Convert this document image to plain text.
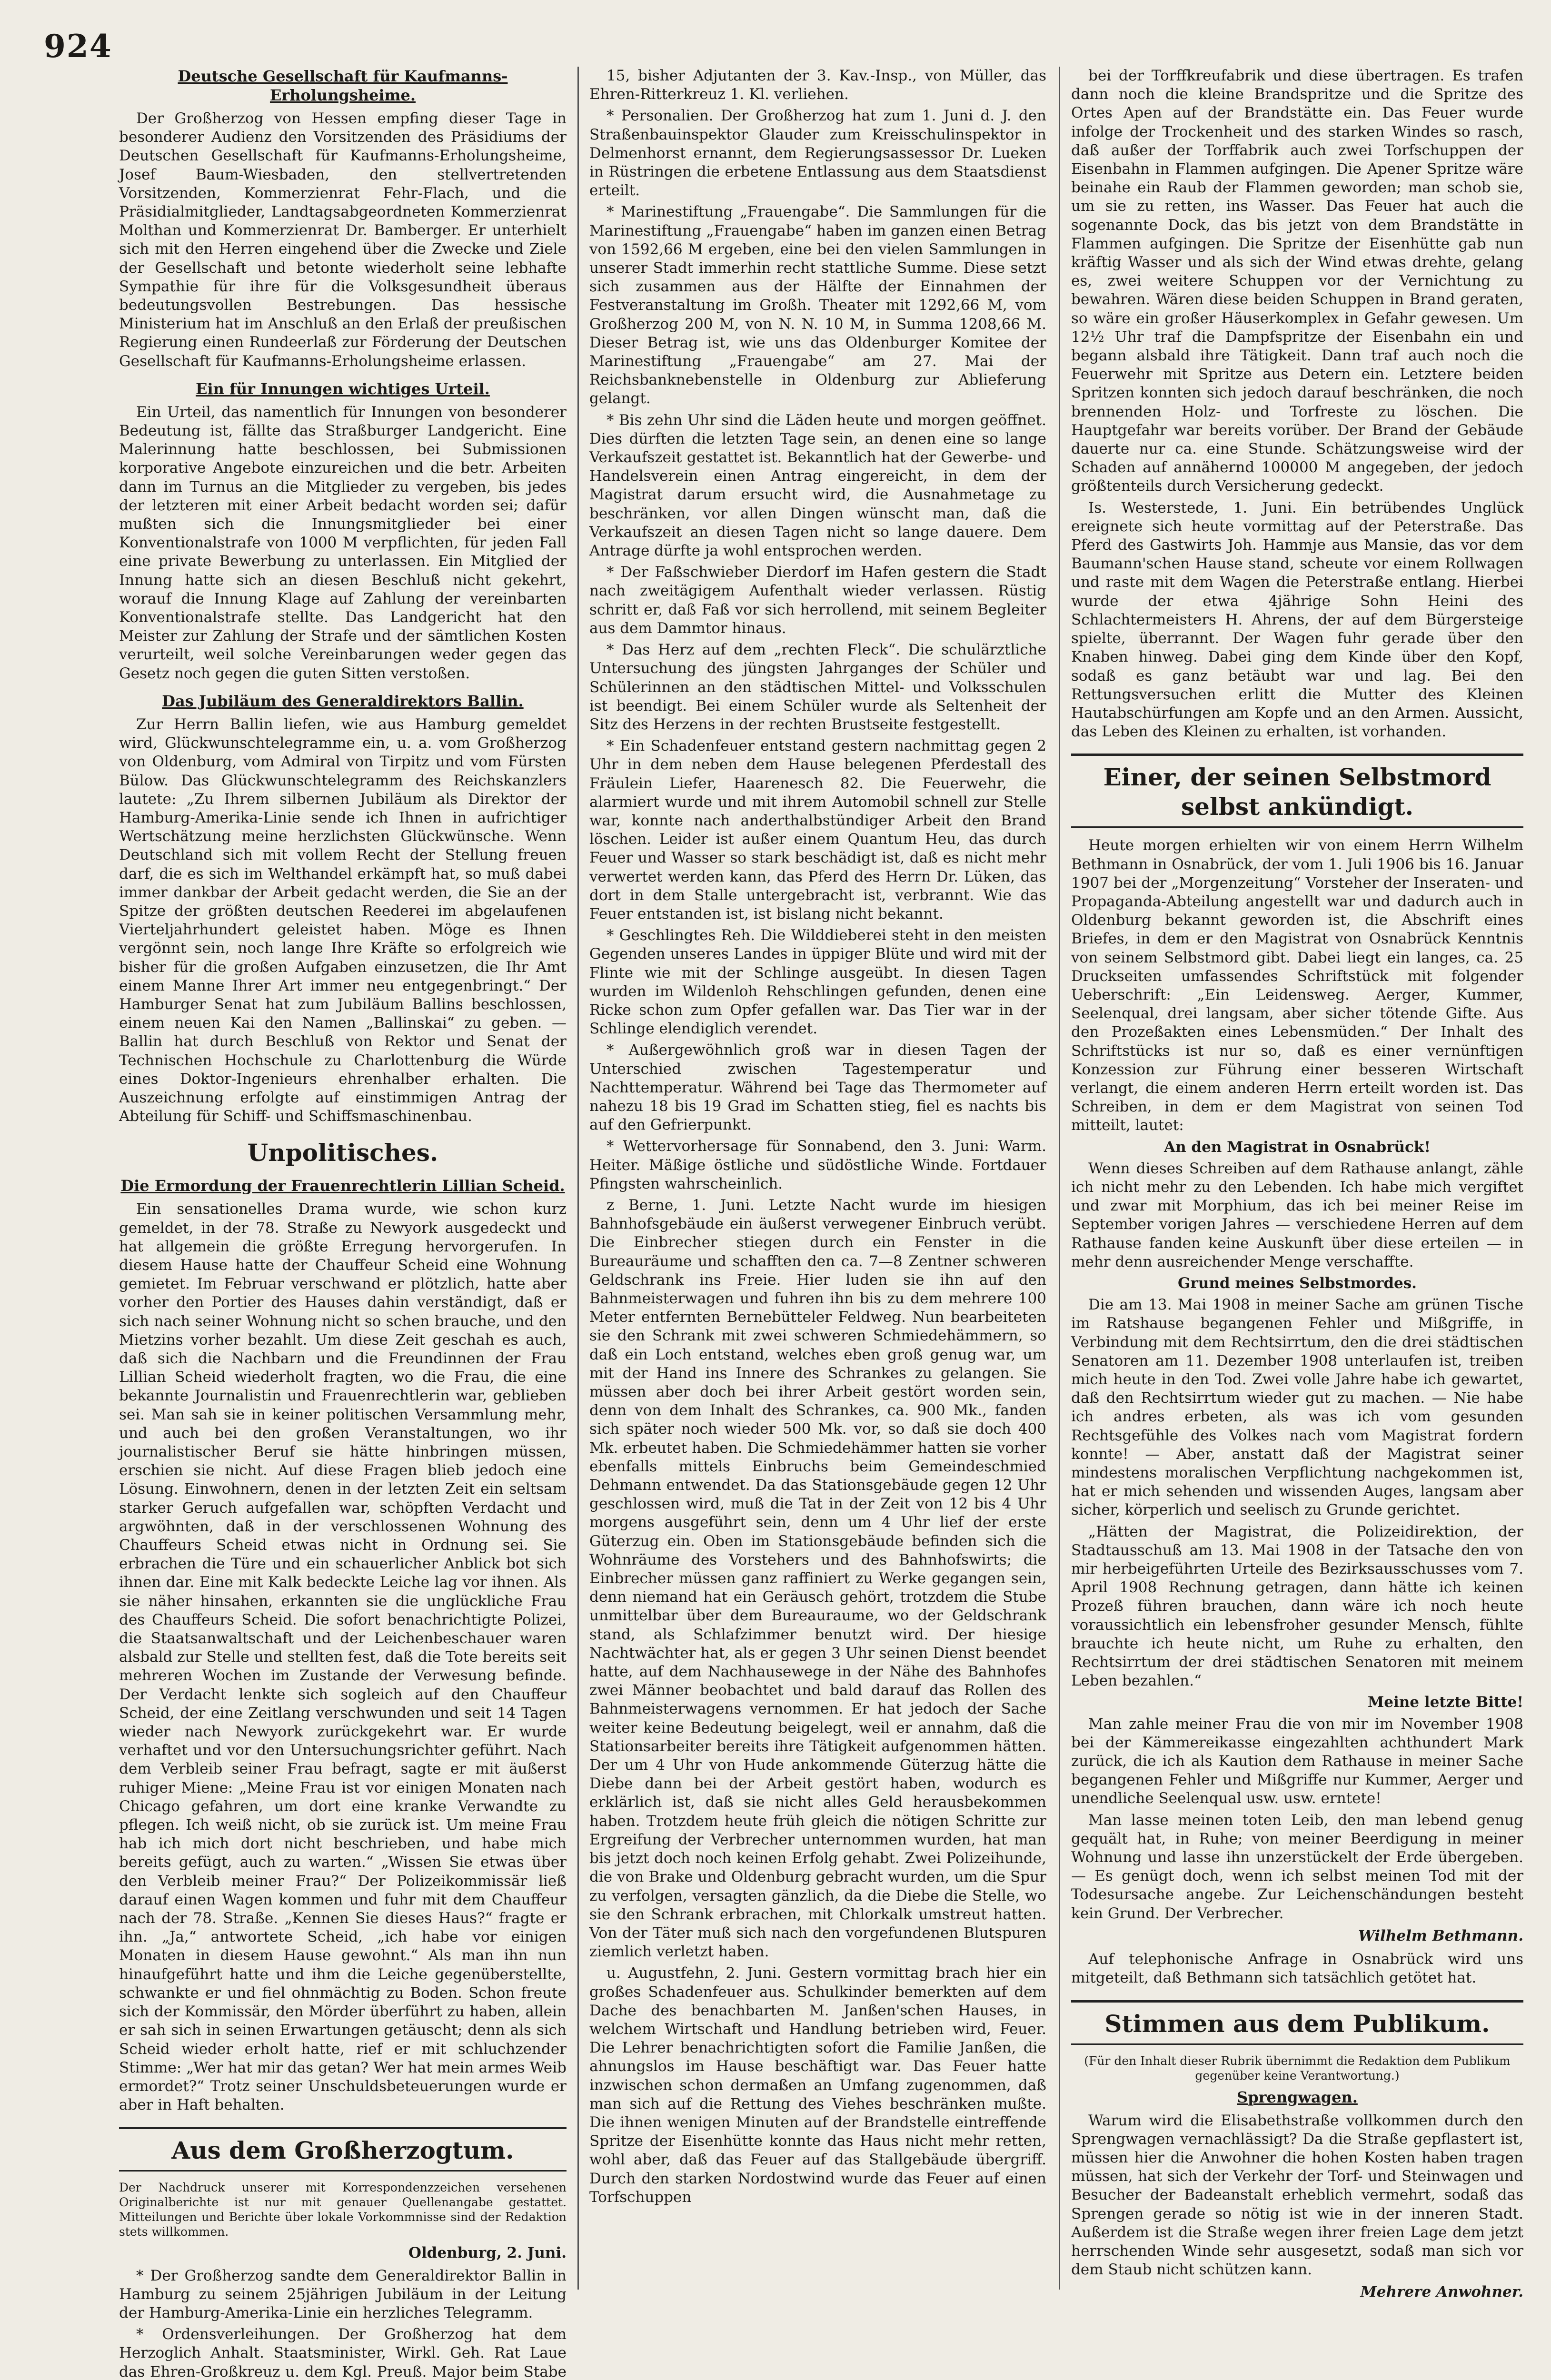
924
Deutsche Gesellschaft für Kaufmanns-Erholungsheime.

Der Großherzog von Hessen empfing dieser Tage in besonderer Audienz den Vorsitzenden des Präsidiums der Deutschen Gesellschaft für Kaufmanns-Erholungsheime, Josef Baum-Wiesbaden, den stellvertretenden Vorsitzenden, Kommerzienrat Fehr-Flach, und die Präsidialmitglieder, Landtagsabgeordneten Kommerzienrat Molthan und Kommerzienrat Dr. Bamberger. Er unterhielt sich mit den Herren eingehend über die Zwecke und Ziele der Gesellschaft und betonte wiederholt seine lebhafte Sympathie für ihre für die Volksgesundheit überaus bedeutungsvollen Bestrebungen. Das hessische Ministerium hat im Anschluß an den Erlaß der preußischen Regierung einen Rundeerlaß zur Förderung der Deutschen Gesellschaft für Kaufmanns-Erholungsheime erlassen.

Ein für Innungen wichtiges Urteil.

Ein Urteil, das namentlich für Innungen von besonderer Bedeutung ist, fällte das Straßburger Landgericht. Eine Malerinnung hatte beschlossen, bei Submissionen korporative Angebote einzureichen und die betr. Arbeiten dann im Turnus an die Mitglieder zu vergeben, bis jedes der letzteren mit einer Arbeit bedacht worden sei; dafür mußten sich die Innungsmitglieder bei einer Konventionalstrafe von 1000 M verpflichten, für jeden Fall eine private Bewerbung zu unterlassen. Ein Mitglied der Innung hatte sich an diesen Beschluß nicht gekehrt, worauf die Innung Klage auf Zahlung der vereinbarten Konventionalstrafe stellte. Das Landgericht hat den Meister zur Zahlung der Strafe und der sämtlichen Kosten verurteilt, weil solche Vereinbarungen weder gegen das Gesetz noch gegen die guten Sitten verstoßen.

Das Jubiläum des Generaldirektors Ballin.

Zur Herrn Ballin liefen, wie aus Hamburg gemeldet wird, Glückwunschtelegramme ein, u. a. vom Großherzog von Oldenburg, vom Admiral von Tirpitz und vom Fürsten Bülow. Das Glückwunschtelegramm des Reichskanzlers lautete: „Zu Ihrem silbernen Jubiläum als Direktor der Hamburg-Amerika-Linie sende ich Ihnen in aufrichtiger Wertschätzung meine herzlichsten Glückwünsche. Wenn Deutschland sich mit vollem Recht der Stellung freuen darf, die es sich im Welthandel erkämpft hat, so muß dabei immer dankbar der Arbeit gedacht werden, die Sie an der Spitze der größten deutschen Reederei im abgelaufenen Vierteljahrhundert geleistet haben. Möge es Ihnen vergönnt sein, noch lange Ihre Kräfte so erfolgreich wie bisher für die großen Aufgaben einzusetzen, die Ihr Amt einem Manne Ihrer Art immer neu entgegenbringt.“ Der Hamburger Senat hat zum Jubiläum Ballins beschlossen, einem neuen Kai den Namen „Ballinskai“ zu geben. — Ballin hat durch Beschluß von Rektor und Senat der Technischen Hochschule zu Charlottenburg die Würde eines Doktor-Ingenieurs ehrenhalber erhalten. Die Auszeichnung erfolgte auf einstimmigen Antrag der Abteilung für Schiff- und Schiffsmaschinenbau.

Unpolitisches.
Die Ermordung der Frauenrechtlerin Lillian Scheid.

Ein sensationelles Drama wurde, wie schon kurz gemeldet, in der 78. Straße zu Newyork ausgedeckt und hat allgemein die größte Erregung hervorgerufen. In diesem Hause hatte der Chauffeur Scheid eine Wohnung gemietet. Im Februar verschwand er plötzlich, hatte aber vorher den Portier des Hauses dahin verständigt, daß er sich nach seiner Wohnung nicht so schen brauche, und den Mietzins vorher bezahlt. Um diese Zeit geschah es auch, daß sich die Nachbarn und die Freundinnen der Frau Lillian Scheid wiederholt fragten, wo die Frau, die eine bekannte Journalistin und Frauenrechtlerin war, geblieben sei. Man sah sie in keiner politischen Versammlung mehr, und auch bei den großen Veranstaltungen, wo ihr journalistischer Beruf sie hätte hinbringen müssen, erschien sie nicht. Auf diese Fragen blieb jedoch eine Lösung. Einwohnern, denen in der letzten Zeit ein seltsam starker Geruch aufgefallen war, schöpften Verdacht und argwöhnten, daß in der verschlossenen Wohnung des Chauffeurs Scheid etwas nicht in Ordnung sei. Sie erbrachen die Türe und ein schauerlicher Anblick bot sich ihnen dar. Eine mit Kalk bedeckte Leiche lag vor ihnen. Als sie näher hinsahen, erkannten sie die unglückliche Frau des Chauffeurs Scheid. Die sofort benachrichtigte Polizei, die Staatsanwaltschaft und der Leichenbeschauer waren alsbald zur Stelle und stellten fest, daß die Tote bereits seit mehreren Wochen im Zustande der Verwesung befinde. Der Verdacht lenkte sich sogleich auf den Chauffeur Scheid, der eine Zeitlang verschwunden und seit 14 Tagen wieder nach Newyork zurückgekehrt war. Er wurde verhaftet und vor den Untersuchungsrichter geführt. Nach dem Verbleib seiner Frau befragt, sagte er mit äußerst ruhiger Miene: „Meine Frau ist vor einigen Monaten nach Chicago gefahren, um dort eine kranke Verwandte zu pflegen. Ich weiß nicht, ob sie zurück ist. Um meine Frau hab ich mich dort nicht beschrieben, und habe mich bereits gefügt, auch zu warten.“ „Wissen Sie etwas über den Verbleib meiner Frau?“ Der Polizeikommissär ließ darauf einen Wagen kommen und fuhr mit dem Chauffeur nach der 78. Straße. „Kennen Sie dieses Haus?“ fragte er ihn. „Ja,“ antwortete Scheid, „ich habe vor einigen Monaten in diesem Hause gewohnt.“ Als man ihn nun hinaufgeführt hatte und ihm die Leiche gegenüberstellte, schwankte er und fiel ohnmächtig zu Boden. Schon freute sich der Kommissär, den Mörder überführt zu haben, allein er sah sich in seinen Erwartungen getäuscht; denn als sich Scheid wieder erholt hatte, rief er mit schluchzender Stimme: „Wer hat mir das getan? Wer hat mein armes Weib ermordet?“ Trotz seiner Unschuldsbeteuerungen wurde er aber in Haft behalten.

Aus dem Großherzogtum.
Der Nachdruck unserer mit Korrespondenzzeichen versehenen Originalberichte ist nur mit genauer Quellenangabe gestattet. Mitteilungen und Berichte über lokale Vorkommnisse sind der Redaktion stets willkommen.
Oldenburg, 2. Juni.

* Der Großherzog sandte dem Generaldirektor Ballin in Hamburg zu seinem 25jährigen Jubiläum in der Leitung der Hamburg-Amerika-Linie ein herzliches Telegramm.

* Ordensverleihungen. Der Großherzog hat dem Herzoglich Anhalt. Staatsminister, Wirkl. Geh. Rat Laue das Ehren-Großkreuz u. dem Kgl. Preuß. Major beim Stabe

15, bisher Adjutanten der 3. Kav.-Insp., von Müller, das Ehren-Ritterkreuz 1. Kl. verliehen.

* Personalien. Der Großherzog hat zum 1. Juni d. J. den Straßenbauinspektor Glauder zum Kreisschulinspektor in Delmenhorst ernannt, dem Regierungsassessor Dr. Lueken in Rüstringen die erbetene Entlassung aus dem Staatsdienst erteilt.

* Marinestiftung „Frauengabe“. Die Sammlungen für die Marinestiftung „Frauengabe“ haben im ganzen einen Betrag von 1592,66 M ergeben, eine bei den vielen Sammlungen in unserer Stadt immerhin recht stattliche Summe. Diese setzt sich zusammen aus der Hälfte der Einnahmen der Festveranstaltung im Großh. Theater mit 1292,66 M, vom Großherzog 200 M, von N. N. 10 M, in Summa 1208,66 M. Dieser Betrag ist, wie uns das Oldenburger Komitee der Marinestiftung „Frauengabe“ am 27. Mai der Reichsbanknebenstelle in Oldenburg zur Ablieferung gelangt.

* Bis zehn Uhr sind die Läden heute und morgen geöffnet. Dies dürften die letzten Tage sein, an denen eine so lange Verkaufszeit gestattet ist. Bekanntlich hat der Gewerbe- und Handelsverein einen Antrag eingereicht, in dem der Magistrat darum ersucht wird, die Ausnahmetage zu beschränken, vor allen Dingen wünscht man, daß die Verkaufszeit an diesen Tagen nicht so lange dauere. Dem Antrage dürfte ja wohl entsprochen werden.

* Der Faßschwieber Dierdorf im Hafen gestern die Stadt nach zweitägigem Aufenthalt wieder verlassen. Rüstig schritt er, daß Faß vor sich herrollend, mit seinem Begleiter aus dem Dammtor hinaus.

* Das Herz auf dem „rechten Fleck“. Die schulärztliche Untersuchung des jüngsten Jahrganges der Schüler und Schülerinnen an den städtischen Mittel- und Volksschulen ist beendigt. Bei einem Schüler wurde als Seltenheit der Sitz des Herzens in der rechten Brustseite festgestellt.

* Ein Schadenfeuer entstand gestern nachmittag gegen 2 Uhr in dem neben dem Hause belegenen Pferdestall des Fräulein Liefer, Haarenesch 82. Die Feuerwehr, die alarmiert wurde und mit ihrem Automobil schnell zur Stelle war, konnte nach anderthalbstündiger Arbeit den Brand löschen. Leider ist außer einem Quantum Heu, das durch Feuer und Wasser so stark beschädigt ist, daß es nicht mehr verwertet werden kann, das Pferd des Herrn Dr. Lüken, das dort in dem Stalle untergebracht ist, verbrannt. Wie das Feuer entstanden ist, ist bislang nicht bekannt.

* Geschlingtes Reh. Die Wilddieberei steht in den meisten Gegenden unseres Landes in üppiger Blüte und wird mit der Flinte wie mit der Schlinge ausgeübt. In diesen Tagen wurden im Wildenloh Rehschlingen gefunden, denen eine Ricke schon zum Opfer gefallen war. Das Tier war in der Schlinge elendiglich verendet.

* Außergewöhnlich groß war in diesen Tagen der Unterschied zwischen Tagestemperatur und Nachttemperatur. Während bei Tage das Thermometer auf nahezu 18 bis 19 Grad im Schatten stieg, fiel es nachts bis auf den Gefrierpunkt.

* Wettervorhersage für Sonnabend, den 3. Juni: Warm. Heiter. Mäßige östliche und südöstliche Winde. Fortdauer Pfingsten wahrscheinlich.

z Berne, 1. Juni. Letzte Nacht wurde im hiesigen Bahnhofsgebäude ein äußerst verwegener Einbruch verübt. Die Einbrecher stiegen durch ein Fenster in die Bureauräume und schafften den ca. 7—8 Zentner schweren Geldschrank ins Freie. Hier luden sie ihn auf den Bahnmeisterwagen und fuhren ihn bis zu dem mehrere 100 Meter entfernten Bernebütteler Feldweg. Nun bearbeiteten sie den Schrank mit zwei schweren Schmiedehämmern, so daß ein Loch entstand, welches eben groß genug war, um mit der Hand ins Innere des Schrankes zu gelangen. Sie müssen aber doch bei ihrer Arbeit gestört worden sein, denn von dem Inhalt des Schrankes, ca. 900 Mk., fanden sich später noch wieder 500 Mk. vor, so daß sie doch 400 Mk. erbeutet haben. Die Schmiedehämmer hatten sie vorher ebenfalls mittels Einbruchs beim Gemeindeschmied Dehmann entwendet. Da das Stationsgebäude gegen 12 Uhr geschlossen wird, muß die Tat in der Zeit von 12 bis 4 Uhr morgens ausgeführt sein, denn um 4 Uhr lief der erste Güterzug ein. Oben im Stationsgebäude befinden sich die Wohnräume des Vorstehers und des Bahnhofswirts; die Einbrecher müssen ganz raffiniert zu Werke gegangen sein, denn niemand hat ein Geräusch gehört, trotzdem die Stube unmittelbar über dem Bureauraume, wo der Geldschrank stand, als Schlafzimmer benutzt wird. Der hiesige Nachtwächter hat, als er gegen 3 Uhr seinen Dienst beendet hatte, auf dem Nachhausewege in der Nähe des Bahnhofes zwei Männer beobachtet und bald darauf das Rollen des Bahnmeisterwagens vernommen. Er hat jedoch der Sache weiter keine Bedeutung beigelegt, weil er annahm, daß die Stationsarbeiter bereits ihre Tätigkeit aufgenommen hätten. Der um 4 Uhr von Hude ankommende Güterzug hätte die Diebe dann bei der Arbeit gestört haben, wodurch es erklärlich ist, daß sie nicht alles Geld herausbekommen haben. Trotzdem heute früh gleich die nötigen Schritte zur Ergreifung der Verbrecher unternommen wurden, hat man bis jetzt doch noch keinen Erfolg gehabt. Zwei Polizeihunde, die von Brake und Oldenburg gebracht wurden, um die Spur zu verfolgen, versagten gänzlich, da die Diebe die Stelle, wo sie den Schrank erbrachen, mit Chlorkalk umstreut hatten. Von der Täter muß sich nach den vorgefundenen Blutspuren ziemlich verletzt haben.

u. Augustfehn, 2. Juni. Gestern vormittag brach hier ein großes Schadenfeuer aus. Schulkinder bemerkten auf dem Dache des benachbarten M. Janßen'schen Hauses, in welchem Wirtschaft und Handlung betrieben wird, Feuer. Die Lehrer benachrichtigten sofort die Familie Janßen, die ahnungslos im Hause beschäftigt war. Das Feuer hatte inzwischen schon dermaßen an Umfang zugenommen, daß man sich auf die Rettung des Viehes beschränken mußte. Die ihnen wenigen Minuten auf der Brandstelle eintreffende Spritze der Eisenhütte konnte das Haus nicht mehr retten, wohl aber, daß das Feuer auf das Stallgebäude übergriff. Durch den starken Nordostwind wurde das Feuer auf einen Torfschuppen

bei der Torffkreufabrik und diese übertragen. Es trafen dann noch die kleine Brandspritze und die Spritze des Ortes Apen auf der Brandstätte ein. Das Feuer wurde infolge der Trockenheit und des starken Windes so rasch, daß außer der Torffabrik auch zwei Torfschuppen der Eisenbahn in Flammen aufgingen. Die Apener Spritze wäre beinahe ein Raub der Flammen geworden; man schob sie, um sie zu retten, ins Wasser. Das Feuer hat auch die sogenannte Dock, das bis jetzt von dem Brandstätte in Flammen aufgingen. Die Spritze der Eisenhütte gab nun kräftig Wasser und als sich der Wind etwas drehte, gelang es, zwei weitere Schuppen vor der Vernichtung zu bewahren. Wären diese beiden Schuppen in Brand geraten, so wäre ein großer Häuserkomplex in Gefahr gewesen. Um 12½ Uhr traf die Dampfspritze der Eisenbahn ein und begann alsbald ihre Tätigkeit. Dann traf auch noch die Feuerwehr mit Spritze aus Detern ein. Letztere beiden Spritzen konnten sich jedoch darauf beschränken, die noch brennenden Holz- und Torfreste zu löschen. Die Hauptgefahr war bereits vorüber. Der Brand der Gebäude dauerte nur ca. eine Stunde. Schätzungsweise wird der Schaden auf annähernd 100000 M angegeben, der jedoch größtenteils durch Versicherung gedeckt.

Is. Westerstede, 1. Juni. Ein betrübendes Unglück ereignete sich heute vormittag auf der Peterstraße. Das Pferd des Gastwirts Joh. Hammje aus Mansie, das vor dem Baumann'schen Hause stand, scheute vor einem Rollwagen und raste mit dem Wagen die Peterstraße entlang. Hierbei wurde der etwa 4jährige Sohn Heini des Schlachtermeisters H. Ahrens, der auf dem Bürgersteige spielte, überrannt. Der Wagen fuhr gerade über den Knaben hinweg. Dabei ging dem Kinde über den Kopf, sodaß es ganz betäubt war und lag. Bei den Rettungsversuchen erlitt die Mutter des Kleinen Hautabschürfungen am Kopfe und an den Armen. Aussicht, das Leben des Kleinen zu erhalten, ist vorhanden.

Einer, der seinen Selbstmord selbst ankündigt.

Heute morgen erhielten wir von einem Herrn Wilhelm Bethmann in Osnabrück, der vom 1. Juli 1906 bis 16. Januar 1907 bei der „Morgenzeitung“ Vorsteher der Inseraten- und Propaganda-Abteilung angestellt war und dadurch auch in Oldenburg bekannt geworden ist, die Abschrift eines Briefes, in dem er den Magistrat von Osnabrück Kenntnis von seinem Selbstmord gibt. Dabei liegt ein langes, ca. 25 Druckseiten umfassendes Schriftstück mit folgender Ueberschrift: „Ein Leidensweg. Aerger, Kummer, Seelenqual, drei langsam, aber sicher tötende Gifte. Aus den Prozeßakten eines Lebensmüden.“ Der Inhalt des Schriftstücks ist nur so, daß es einer vernünftigen Konzession zur Führung einer besseren Wirtschaft verlangt, die einem anderen Herrn erteilt worden ist. Das Schreiben, in dem er dem Magistrat von seinen Tod mitteilt, lautet:

An den Magistrat in Osnabrück!

Wenn dieses Schreiben auf dem Rathause anlangt, zähle ich nicht mehr zu den Lebenden. Ich habe mich vergiftet und zwar mit Morphium, das ich bei meiner Reise im September vorigen Jahres — verschiedene Herren auf dem Rathause fanden keine Auskunft über diese erteilen — in mehr denn ausreichender Menge verschaffte.

Grund meines Selbstmordes.

Die am 13. Mai 1908 in meiner Sache am grünen Tische im Ratshause begangenen Fehler und Mißgriffe, in Verbindung mit dem Rechtsirrtum, den die drei städtischen Senatoren am 11. Dezember 1908 unterlaufen ist, treiben mich heute in den Tod. Zwei volle Jahre habe ich gewartet, daß den Rechtsirrtum wieder gut zu machen. — Nie habe ich andres erbeten, als was ich vom gesunden Rechtsgefühle des Volkes nach vom Magistrat fordern konnte! — Aber, anstatt daß der Magistrat seiner mindestens moralischen Verpflichtung nachgekommen ist, hat er mich sehenden und wissenden Auges, langsam aber sicher, körperlich und seelisch zu Grunde gerichtet.

„Hätten der Magistrat, die Polizeidirektion, der Stadtausschuß am 13. Mai 1908 in der Tatsache den von mir herbeigeführten Urteile des Bezirksausschusses vom 7. April 1908 Rechnung getragen, dann hätte ich keinen Prozeß führen brauchen, dann wäre ich noch heute voraussichtlich ein lebensfroher gesunder Mensch, fühlte brauchte ich heute nicht, um Ruhe zu erhalten, den Rechtsirrtum der drei städtischen Senatoren mit meinem Leben bezahlen.“

Meine letzte Bitte!

Man zahle meiner Frau die von mir im November 1908 bei der Kämmereikasse eingezahlten achthundert Mark zurück, die ich als Kaution dem Rathause in meiner Sache begangenen Fehler und Mißgriffe nur Kummer, Aerger und unendliche Seelenqual usw. usw. erntete!

Man lasse meinen toten Leib, den man lebend genug gequält hat, in Ruhe; von meiner Beerdigung in meiner Wohnung und lasse ihn unzerstückelt der Erde übergeben. — Es genügt doch, wenn ich selbst meinen Tod mit der Todesursache angebe. Zur Leichenschändungen besteht kein Grund. Der Verbrecher.

Wilhelm Bethmann.

Auf telephonische Anfrage in Osnabrück wird uns mitgeteilt, daß Bethmann sich tatsächlich getötet hat.

Stimmen aus dem Publikum.
(Für den Inhalt dieser Rubrik übernimmt die Redaktion dem Publikum gegenüber keine Verantwortung.)
Sprengwagen.

Warum wird die Elisabethstraße vollkommen durch den Sprengwagen vernachlässigt? Da die Straße gepflastert ist, müssen hier die Anwohner die hohen Kosten haben tragen müssen, hat sich der Verkehr der Torf- und Steinwagen und Besucher der Badeanstalt erheblich vermehrt, sodaß das Sprengen gerade so nötig ist wie in der inneren Stadt. Außerdem ist die Straße wegen ihrer freien Lage dem jetzt herrschenden Winde sehr ausgesetzt, sodaß man sich vor dem Staub nicht schützen kann.

Mehrere Anwohner.
